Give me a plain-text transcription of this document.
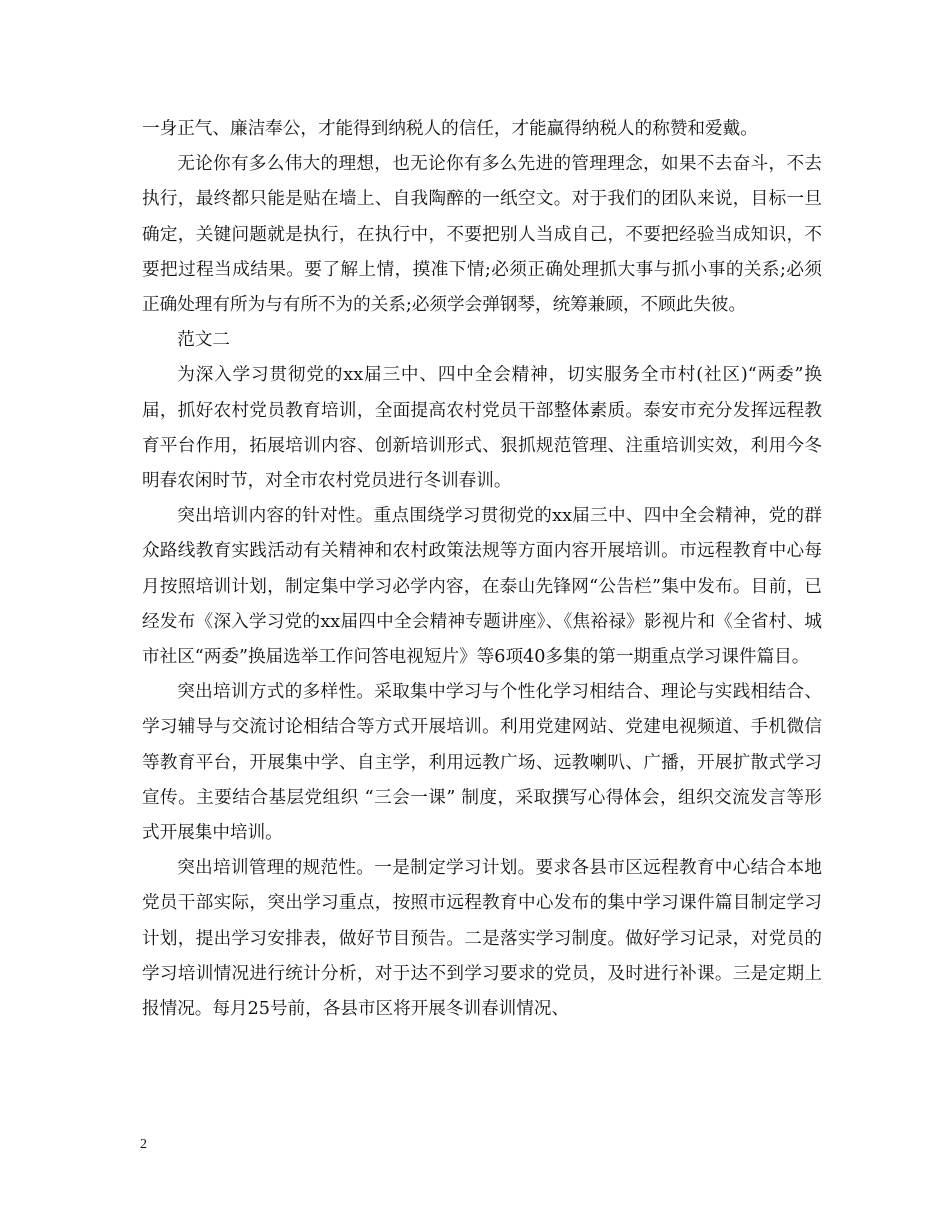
一身正气、廉洁奉公，才能得到纳税人的信任，才能赢得纳税人的称赞和爱戴。

无论你有多么伟大的理想，也无论你有多么先进的管理理念，如果不去奋斗，不去执行，最终都只能是贴在墙上、自我陶醉的一纸空文。对于我们的团队来说，目标一旦确定，关键问题就是执行，在执行中，不要把别人当成自己，不要把经验当成知识，不要把过程当成结果。要了解上情，摸准下情;必须正确处理抓大事与抓小事的关系;必须正确处理有所为与有所不为的关系;必须学会弹钢琴，统筹兼顾，不顾此失彼。

范文二

为深入学习贯彻党的xx届三中、四中全会精神，切实服务全市村(社区)“两委”换届，抓好农村党员教育培训，全面提高农村党员干部整体素质。泰安市充分发挥远程教育平台作用，拓展培训内容、创新培训形式、狠抓规范管理、注重培训实效，利用今冬明春农闲时节，对全市农村党员进行冬训春训。

突出培训内容的针对性。重点围绕学习贯彻党的xx届三中、四中全会精神，党的群众路线教育实践活动有关精神和农村政策法规等方面内容开展培训。市远程教育中心每月按照培训计划，制定集中学习必学内容，在泰山先锋网“公告栏”集中发布。目前，已经发布《深入学习党的xx届四中全会精神专题讲座》、《焦裕禄》影视片和《全省村、城市社区“两委”换届选举工作问答电视短片》等6项40多集的第一期重点学习课件篇目。

突出培训方式的多样性。采取集中学习与个性化学习相结合、理论与实践相结合、学习辅导与交流讨论相结合等方式开展培训。利用党建网站、党建电视频道、手机微信等教育平台，开展集中学、自主学，利用远教广场、远教喇叭、广播，开展扩散式学习宣传。主要结合基层党组织 “三会一课” 制度，采取撰写心得体会，组织交流发言等形式开展集中培训。

突出培训管理的规范性。一是制定学习计划。要求各县市区远程教育中心结合本地党员干部实际，突出学习重点，按照市远程教育中心发布的集中学习课件篇目制定学习计划，提出学习安排表，做好节目预告。二是落实学习制度。做好学习记录，对党员的学习培训情况进行统计分析，对于达不到学习要求的党员，及时进行补课。三是定期上报情况。每月25号前，各县市区将开展冬训春训情况、

2
